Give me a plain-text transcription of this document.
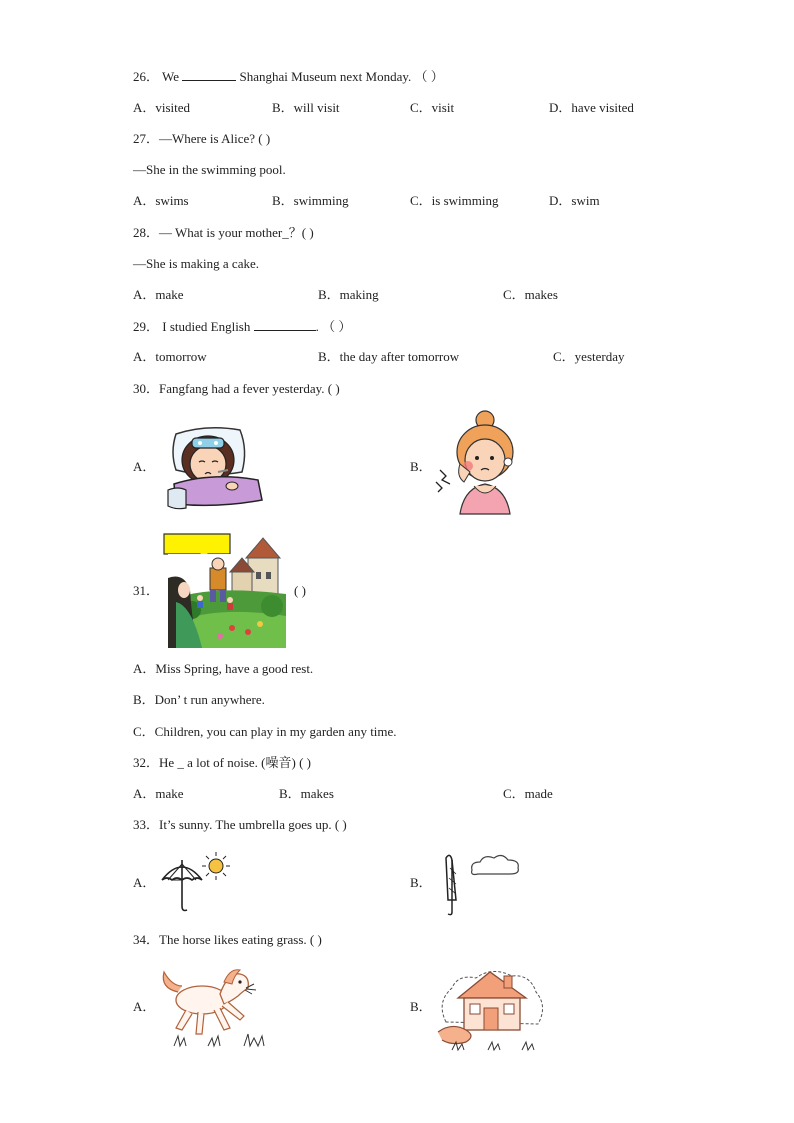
26． We	Shanghai Museum next Monday. （ ）
A．visited	B．will visit	C．visit	D．have visited
27．—Where is Alice? ( )
—She in the swimming pool.
A．swims	B．swimming	C．is swimming	D．swim
28．— What is your mother_？( )
—She is making a cake.
A．make	B．making	C．makes
29． I studied English	. （ ）
A．tomorrow	B．the day after tomorrow	C．yesterday
30．Fangfang had a fever yesterday. ( )
A．	B．
31．	( )
A．Miss Spring, have a good rest.
B．Don’ t run anywhere.
C．Children, you can play in my garden any time.
32．He _ a lot of noise. (噪音) ( )
A．make	B．makes	C．made
33．It’s sunny. The umbrella goes up. ( )
A．	B．
34．The horse likes eating grass. ( )
A．	B．
